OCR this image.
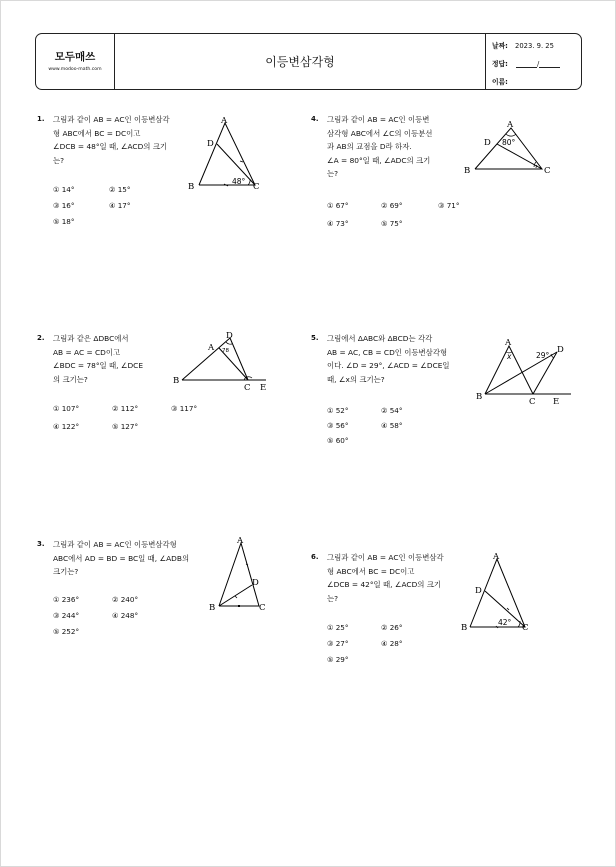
모두매쓰
www.modoo-math.com
이등변삼각형
날짜: 2023. 9. 25
정답:	/
이름:
1. 그림과 같이 AB = AC인 이등변삼각
형 ABC에서 BC = DC이고
∠DCB = 48°일 때, ∠ACD의 크기
는?
① 14°	② 15°
③ 16°	④ 17°
⑤ 18°
A
B	C
D
48°
2. 그림과 같은 ΔDBC에서
AB = AC = CD이고
∠BDC = 78°일 때, ∠DCE
의 크기는?
① 107°	② 112°	③ 117°
④ 122°	⑤ 127°
D
A
B
C E
78
3. 그림과 같이 AB = AC인 이등변삼각형
ABC에서 AD = BD = BC일 때, ∠ADB의
크기는?
① 236°	② 240°
③ 244°	④ 248°
⑤ 252°
A
B	C
D
4. 그림과 같이 AB = AC인 이등변
삼각형 ABC에서 ∠C의 이등분선
과 AB의 교점을 D라 하자.
∠A = 80°일 때, ∠ADC의 크기
는?
① 67°	② 69°	③ 71°
④ 73°	⑤ 75°
A
B	C
D 80°
5. 그림에서 ΔABC와 ΔBCD는 각각
AB = AC, CB = CD인 이등변삼각형
이다. ∠D = 29°, ∠ACD = ∠DCE일
때, ∠x의 크기는?
① 52°	② 54°
③ 56°	④ 58°
⑤ 60°
A
B	C
D
E
x	29°
6. 그림과 같이 AB = AC인 이등변삼각
형 ABC에서 BC = DC이고
∠DCB = 42°일 때, ∠ACD의 크기
는?
① 25°	② 26°
③ 27°	④ 28°
⑤ 29°
A
B	C
D
42°
